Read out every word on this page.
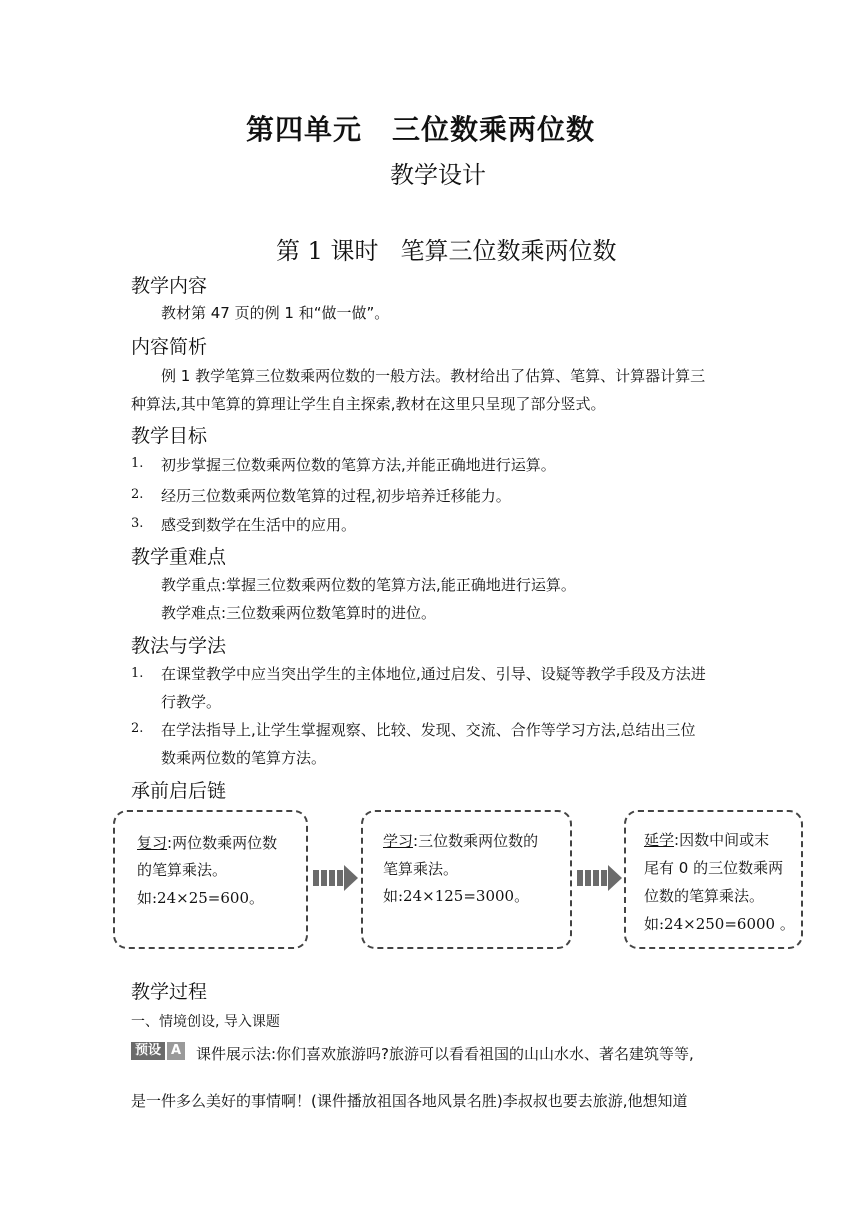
第四单元 三位数乘两位数
教学设计
第 1 课时 笔算三位数乘两位数
教学内容
教材第 47 页的例 1 和“做一做”。
内容简析
例 1 教学笔算三位数乘两位数的一般方法。教材给出了估算、笔算、计算器计算三
种算法,其中笔算的算理让学生自主探索,教材在这里只呈现了部分竖式。
教学目标
1. 初步掌握三位数乘两位数的笔算方法,并能正确地进行运算。
2. 经历三位数乘两位数笔算的过程,初步培养迁移能力。
3. 感受到数学在生活中的应用。
教学重难点
教学重点:掌握三位数乘两位数的笔算方法,能正确地进行运算。
教学难点:三位数乘两位数笔算时的进位。
教法与学法
1. 在课堂教学中应当突出学生的主体地位,通过启发、引导、设疑等教学手段及方法进
行教学。
2. 在学法指导上,让学生掌握观察、比较、发现、交流、合作等学习方法,总结出三位
数乘两位数的笔算方法。
承前启后链
复习:两位数乘两位数
的笔算乘法。
如:24×25=600。
学习:三位数乘两位数的
笔算乘法。
如:24×125=3000。
延学:因数中间或末
尾有 0 的三位数乘两
位数的笔算乘法。
如:24×250=6000 。
教学过程
一、情境创设, 导入课题
预设 A 课件展示法:你们喜欢旅游吗?旅游可以看看祖国的山山水水、著名建筑等等,
是一件多么美好的事情啊！(课件播放祖国各地风景名胜)李叔叔也要去旅游,他想知道
